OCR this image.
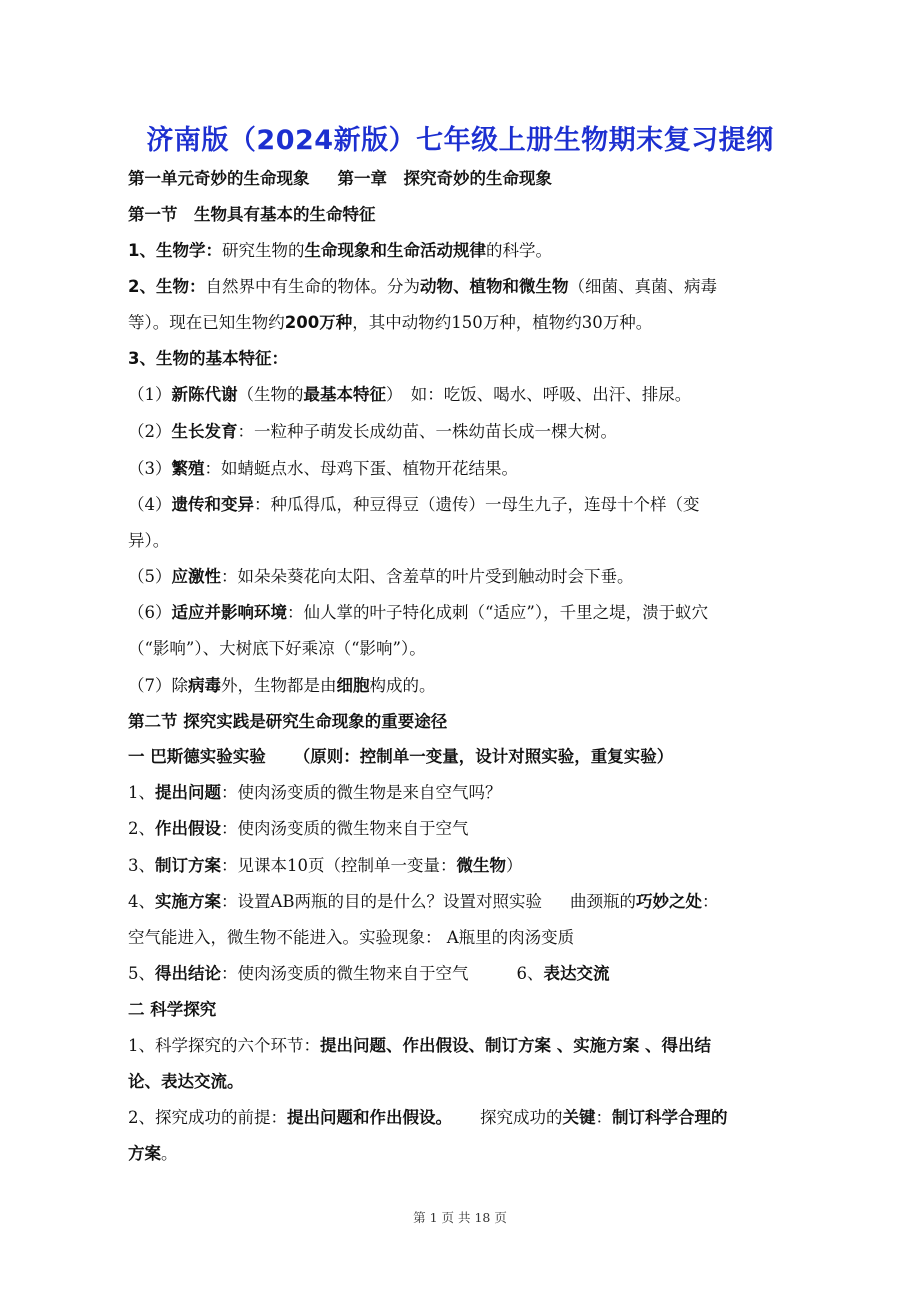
济南版（2024新版）七年级上册生物期末复习提纲
第一单元奇妙的生命现象 第一章　探究奇妙的生命现象
第一节　生物具有基本的生命特征
1、生物学：研究生物的生命现象和生命活动规律的科学。
2、生物：自然界中有生命的物体。分为动物、植物和微生物（细菌、真菌、病毒
等）。现在已知生物约200万种，其中动物约150万种，植物约30万种。
3、生物的基本特征：
（1）新陈代谢（生物的最基本特征）　如：吃饭、喝水、呼吸、出汗、排尿。
（2）生长发育：一粒种子萌发长成幼苗、一株幼苗长成一棵大树。
（3）繁殖：如蜻蜓点水、母鸡下蛋、植物开花结果。
（4）遗传和变异：种瓜得瓜，种豆得豆（遗传）一母生九子，连母十个样（变
异）。
（5）应激性：如朵朵葵花向太阳、含羞草的叶片受到触动时会下垂。
（6）适应并影响环境：仙人掌的叶子特化成刺（“适应”），千里之堤，溃于蚁穴
（“影响”）、大树底下好乘凉（“影响”）。
（7）除病毒外，生物都是由细胞构成的。
第二节 探究实践是研究生命现象的重要途径
一 巴斯德实验实验 （原则：控制单一变量，设计对照实验，重复实验）
1、提出问题：使肉汤变质的微生物是来自空气吗？
2、作出假设：使肉汤变质的微生物来自于空气
3、制订方案：见课本10页（控制单一变量：微生物）
4、实施方案：设置AB两瓶的目的是什么？设置对照实验 曲颈瓶的巧妙之处：
空气能进入，微生物不能进入。实验现象： A瓶里的肉汤变质
5、得出结论：使肉汤变质的微生物来自于空气	6、表达交流
二 科学探究
1、科学探究的六个环节：提出问题、作出假设、制订方案 、实施方案 、得出结
论、表达交流。
2、探究成功的前提：提出问题和作出假设。 探究成功的关键：制订科学合理的
方案。
第 1 页 共 18 页
